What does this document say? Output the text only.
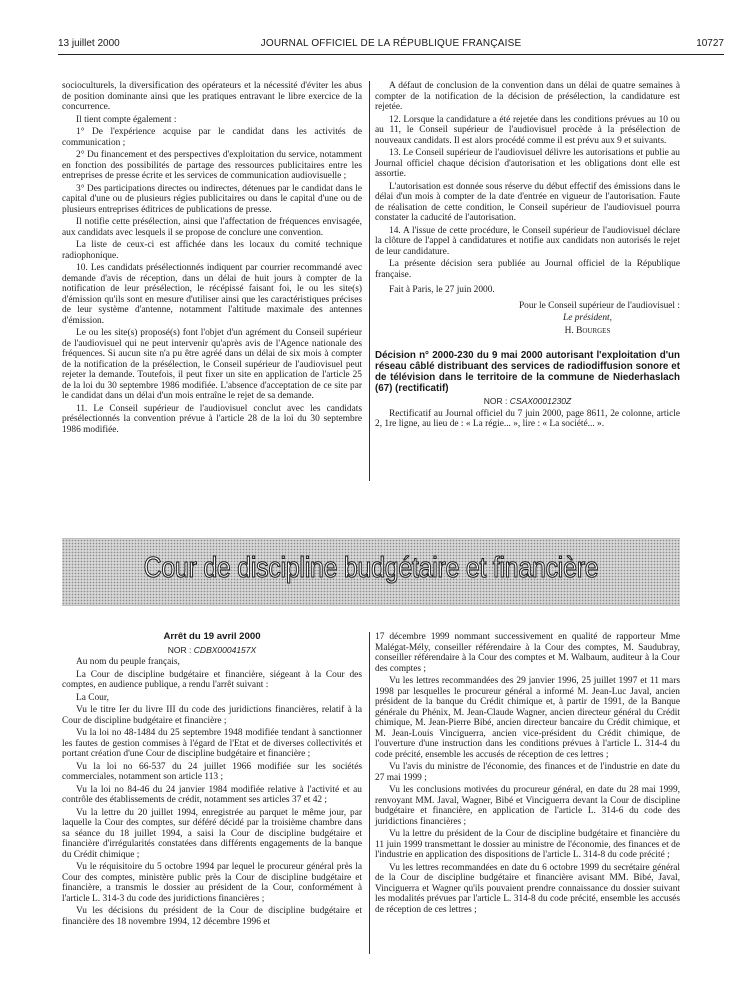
13 juillet 2000	JOURNAL OFFICIEL DE LA RÉPUBLIQUE FRANÇAISE	10727

socioculturels, la diversification des opérateurs et la nécessité d'éviter les abus de position dominante ainsi que les pratiques entravant le libre exercice de la concurrence.

Il tient compte également :

1° De l'expérience acquise par le candidat dans les activités de communication ;

2° Du financement et des perspectives d'exploitation du service, notamment en fonction des possibilités de partage des ressources publicitaires entre les entreprises de presse écrite et les services de communication audiovisuelle ;

3° Des participations directes ou indirectes, détenues par le candidat dans le capital d'une ou de plusieurs régies publicitaires ou dans le capital d'une ou de plusieurs entreprises éditrices de publications de presse.

Il notifie cette présélection, ainsi que l'affectation de fréquences envisagée, aux candidats avec lesquels il se propose de conclure une convention.

La liste de ceux-ci est affichée dans les locaux du comité technique radiophonique.

10. Les candidats présélectionnés indiquent par courrier recommandé avec demande d'avis de réception, dans un délai de huit jours à compter de la notification de leur présélection, le récépissé faisant foi, le ou les site(s) d'émission qu'ils sont en mesure d'utiliser ainsi que les caractéristiques précises de leur système d'antenne, notamment l'altitude maximale des antennes d'émission.

Le ou les site(s) proposé(s) font l'objet d'un agrément du Conseil supérieur de l'audiovisuel qui ne peut intervenir qu'après avis de l'Agence nationale des fréquences. Si aucun site n'a pu être agréé dans un délai de six mois à compter de la notification de la présélection, le Conseil supérieur de l'audiovisuel peut rejeter la demande. Toutefois, il peut fixer un site en application de l'article 25 de la loi du 30 septembre 1986 modifiée. L'absence d'acceptation de ce site par le candidat dans un délai d'un mois entraîne le rejet de sa demande.

11. Le Conseil supérieur de l'audiovisuel conclut avec les candidats présélectionnés la convention prévue à l'article 28 de la loi du 30 septembre 1986 modifiée.

A défaut de conclusion de la convention dans un délai de quatre semaines à compter de la notification de la décision de présélection, la candidature est rejetée.

12. Lorsque la candidature a été rejetée dans les conditions prévues au 10 ou au 11, le Conseil supérieur de l'audiovisuel procède à la présélection de nouveaux candidats. Il est alors procédé comme il est prévu aux 9 et suivants.

13. Le Conseil supérieur de l'audiovisuel délivre les autorisations et publie au Journal officiel chaque décision d'autorisation et les obligations dont elle est assortie.

L'autorisation est donnée sous réserve du début effectif des émissions dans le délai d'un mois à compter de la date d'entrée en vigueur de l'autorisation. Faute de réalisation de cette condition, le Conseil supérieur de l'audiovisuel pourra constater la caducité de l'autorisation.

14. A l'issue de cette procédure, le Conseil supérieur de l'audiovisuel déclare la clôture de l'appel à candidatures et notifie aux candidats non autorisés le rejet de leur candidature.

La présente décision sera publiée au Journal officiel de la République française.

Fait à Paris, le 27 juin 2000.

Pour le Conseil supérieur de l'audiovisuel :

Le président,

H. Bourges

Décision n° 2000-230 du 9 mai 2000 autorisant l'exploitation d'un réseau câblé distribuant des services de radiodiffusion sonore et de télévision dans le territoire de la commune de Niederhaslach (67) (rectificatif)

NOR : CSAX0001230Z

Rectificatif au Journal officiel du 7 juin 2000, page 8611, 2e colonne, article 2, 1re ligne, au lieu de : « La régie... », lire : « La société... ».

Cour de discipline budgétaire et financière

Arrêt du 19 avril 2000

NOR : CDBX0004157X

Au nom du peuple français,

La Cour de discipline budgétaire et financière, siégeant à la Cour des comptes, en audience publique, a rendu l'arrêt suivant :

La Cour,

Vu le titre Ier du livre III du code des juridictions financières, relatif à la Cour de discipline budgétaire et financière ;

Vu la loi no 48-1484 du 25 septembre 1948 modifiée tendant à sanctionner les fautes de gestion commises à l'égard de l'Etat et de diverses collectivités et portant création d'une Cour de discipline budgétaire et financière ;

Vu la loi no 66-537 du 24 juillet 1966 modifiée sur les sociétés commerciales, notamment son article 113 ;

Vu la loi no 84-46 du 24 janvier 1984 modifiée relative à l'activité et au contrôle des établissements de crédit, notamment ses articles 37 et 42 ;

Vu la lettre du 20 juillet 1994, enregistrée au parquet le même jour, par laquelle la Cour des comptes, sur déféré décidé par la troisième chambre dans sa séance du 18 juillet 1994, a saisi la Cour de discipline budgétaire et financière d'irrégularités constatées dans différents engagements de la banque du Crédit chimique ;

Vu le réquisitoire du 5 octobre 1994 par lequel le procureur général près la Cour des comptes, ministère public près la Cour de discipline budgétaire et financière, a transmis le dossier au président de la Cour, conformément à l'article L. 314-3 du code des juridictions financières ;

Vu les décisions du président de la Cour de discipline budgétaire et financière des 18 novembre 1994, 12 décembre 1996 et

17 décembre 1999 nommant successivement en qualité de rapporteur Mme Malégat-Mély, conseiller référendaire à la Cour des comptes, M. Saudubray, conseiller référendaire à la Cour des comptes et M. Walbaum, auditeur à la Cour des comptes ;

Vu les lettres recommandées des 29 janvier 1996, 25 juillet 1997 et 11 mars 1998 par lesquelles le procureur général a informé M. Jean-Luc Javal, ancien président de la banque du Crédit chimique et, à partir de 1991, de la Banque générale du Phénix, M. Jean-Claude Wagner, ancien directeur général du Crédit chimique, M. Jean-Pierre Bibé, ancien directeur bancaire du Crédit chimique, et M. Jean-Louis Vinciguerra, ancien vice-président du Crédit chimique, de l'ouverture d'une instruction dans les conditions prévues à l'article L. 314-4 du code précité, ensemble les accusés de réception de ces lettres ;

Vu l'avis du ministre de l'économie, des finances et de l'industrie en date du 27 mai 1999 ;

Vu les conclusions motivées du procureur général, en date du 28 mai 1999, renvoyant MM. Javal, Wagner, Bibé et Vinciguerra devant la Cour de discipline budgétaire et financière, en application de l'article L. 314-6 du code des juridictions financières ;

Vu la lettre du président de la Cour de discipline budgétaire et financière du 11 juin 1999 transmettant le dossier au ministre de l'économie, des finances et de l'industrie en application des dispositions de l'article L. 314-8 du code précité ;

Vu les lettres recommandées en date du 6 octobre 1999 du secrétaire général de la Cour de discipline budgétaire et financière avisant MM. Bibé, Javal, Vinciguerra et Wagner qu'ils pouvaient prendre connaissance du dossier suivant les modalités prévues par l'article L. 314-8 du code précité, ensemble les accusés de réception de ces lettres ;
